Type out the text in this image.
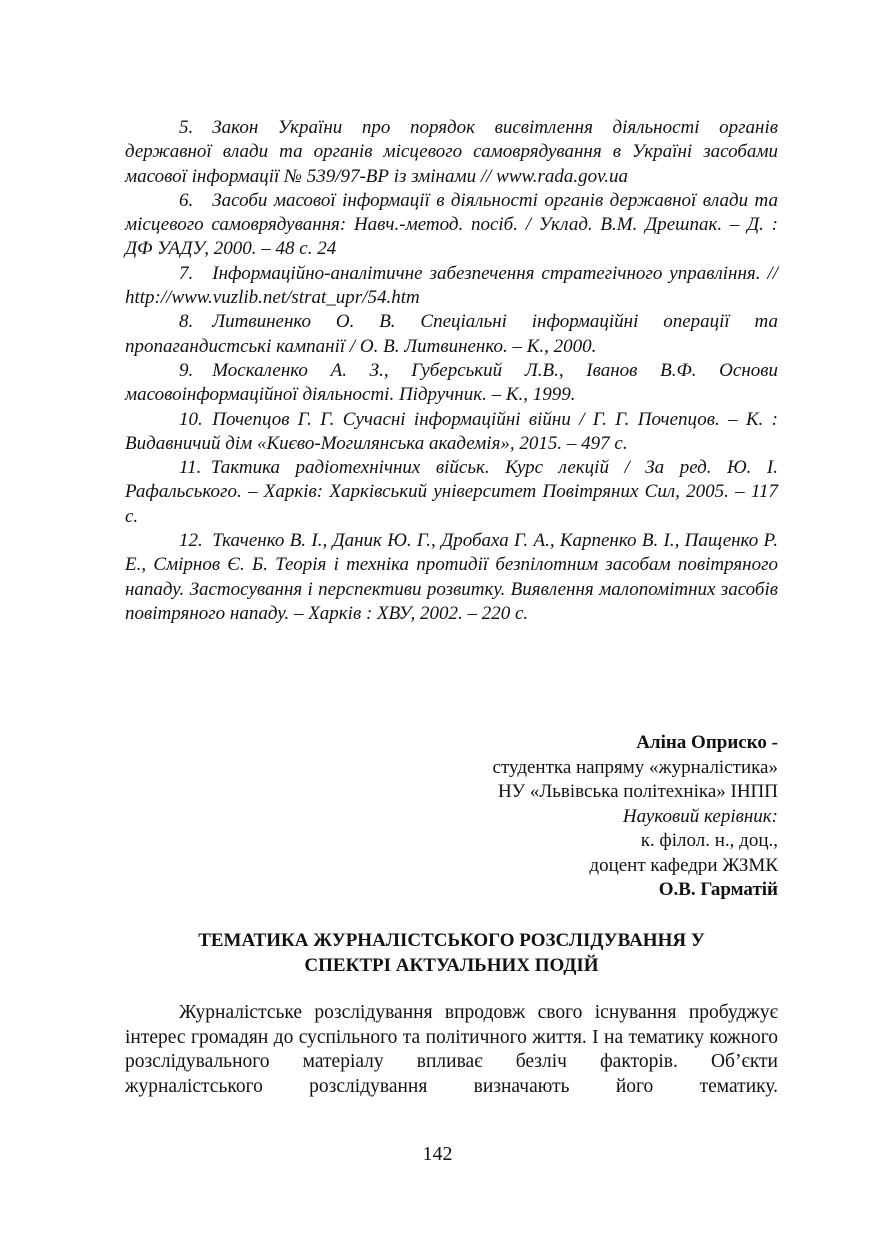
5. Закон України про порядок висвітлення діяльності органів державної влади та органів місцевого самоврядування в Україні засобами масової інформації № 539/97-ВР із змінами // www.rada.gov.ua

6. Засоби масової інформації в діяльності органів державної влади та місцевого самоврядування: Навч.-метод. посіб. / Уклад. В.М. Дрешпак. – Д. : ДФ УАДУ, 2000. – 48 с. 24

7. Інформаційно-аналітичне забезпечення стратегічного управління. // http://www.vuzlib.net/strat_upr/54.htm

8. Литвиненко О. В. Спеціальні інформаційні операції та пропагандистські кампанії / О. В. Литвиненко. – К., 2000.

9. Москаленко А. З., Губерський Л.В., Іванов В.Ф. Основи масовоінформаційної діяльності. Підручник. – К., 1999.

10. Почепцов Г. Г. Сучасні інформаційні війни / Г. Г. Почепцов. – К. : Видавничий дім «Києво-Могилянська академія», 2015. – 497 с.

11. Тактика радіотехнічних військ. Курс лекцій / За ред. Ю. І. Рафальського. – Харків: Харківський університет Повітряних Сил, 2005. – 117 с.

12. Ткаченко В. І., Даник Ю. Г., Дробаха Г. А., Карпенко В. І., Пащенко Р. Е., Смірнов Є. Б. Теорія і техніка протидії безпілотним засобам повітряного нападу. Застосування і перспективи розвитку. Виявлення малопомітних засобів повітряного нападу. – Харків : ХВУ, 2002. – 220 с.

Аліна Оприско -
студентка напряму «журналістика»
НУ «Львівська політехніка» ІНПП
Науковий керівник:
к. філол. н., доц.,
доцент кафедри ЖЗМК
О.В. Гарматій
ТЕМАТИКА ЖУРНАЛІСТСЬКОГО РОЗСЛІДУВАННЯ У
СПЕКТРІ АКТУАЛЬНИХ ПОДІЙ

Журналістське розслідування впродовж свого існування пробуджує інтерес громадян до суспільного та політичного життя. І на тематику кожного розслідувального матеріалу впливає безліч факторів. Об’єкти журналістського розслідування визначають його тематику.

142
